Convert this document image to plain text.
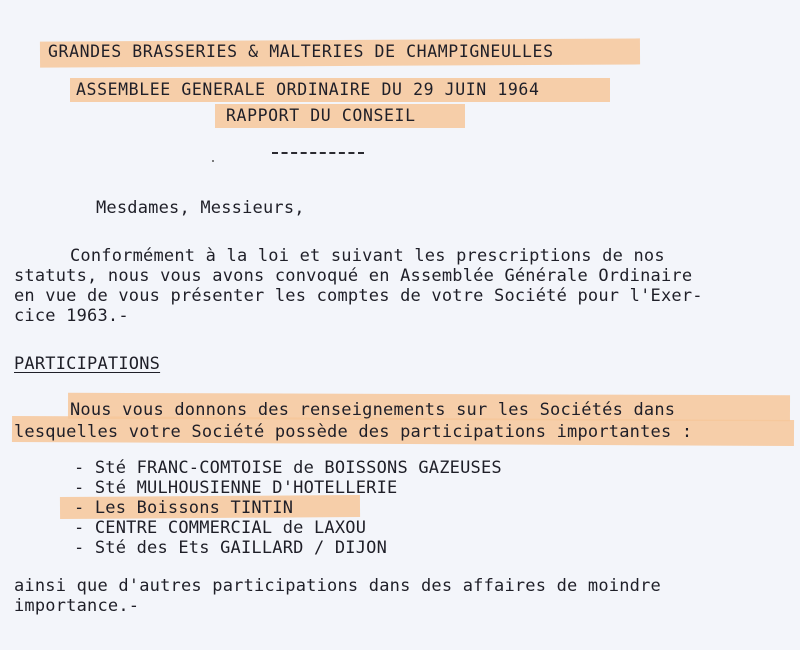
GRANDES BRASSERIES & MALTERIES DE CHAMPIGNEULLES
ASSEMBLEE GENERALE ORDINAIRE DU 29 JUIN 1964
RAPPORT DU CONSEIL
Mesdames, Messieurs,
Conformément à la loi et suivant les prescriptions de nos
statuts, nous vous avons convoqué en Assemblée Générale Ordinaire
en vue de vous présenter les comptes de votre Société pour l'Exer-
cice 1963.-
PARTICIPATIONS
Nous vous donnons des renseignements sur les Sociétés dans
lesquelles votre Société possède des participations importantes :
- Sté FRANC-COMTOISE de BOISSONS GAZEUSES
- Sté MULHOUSIENNE D'HOTELLERIE
- Les Boissons TINTIN
- CENTRE COMMERCIAL de LAXOU
- Sté des Ets GAILLARD / DIJON
ainsi que d'autres participations dans des affaires de moindre
importance.-
